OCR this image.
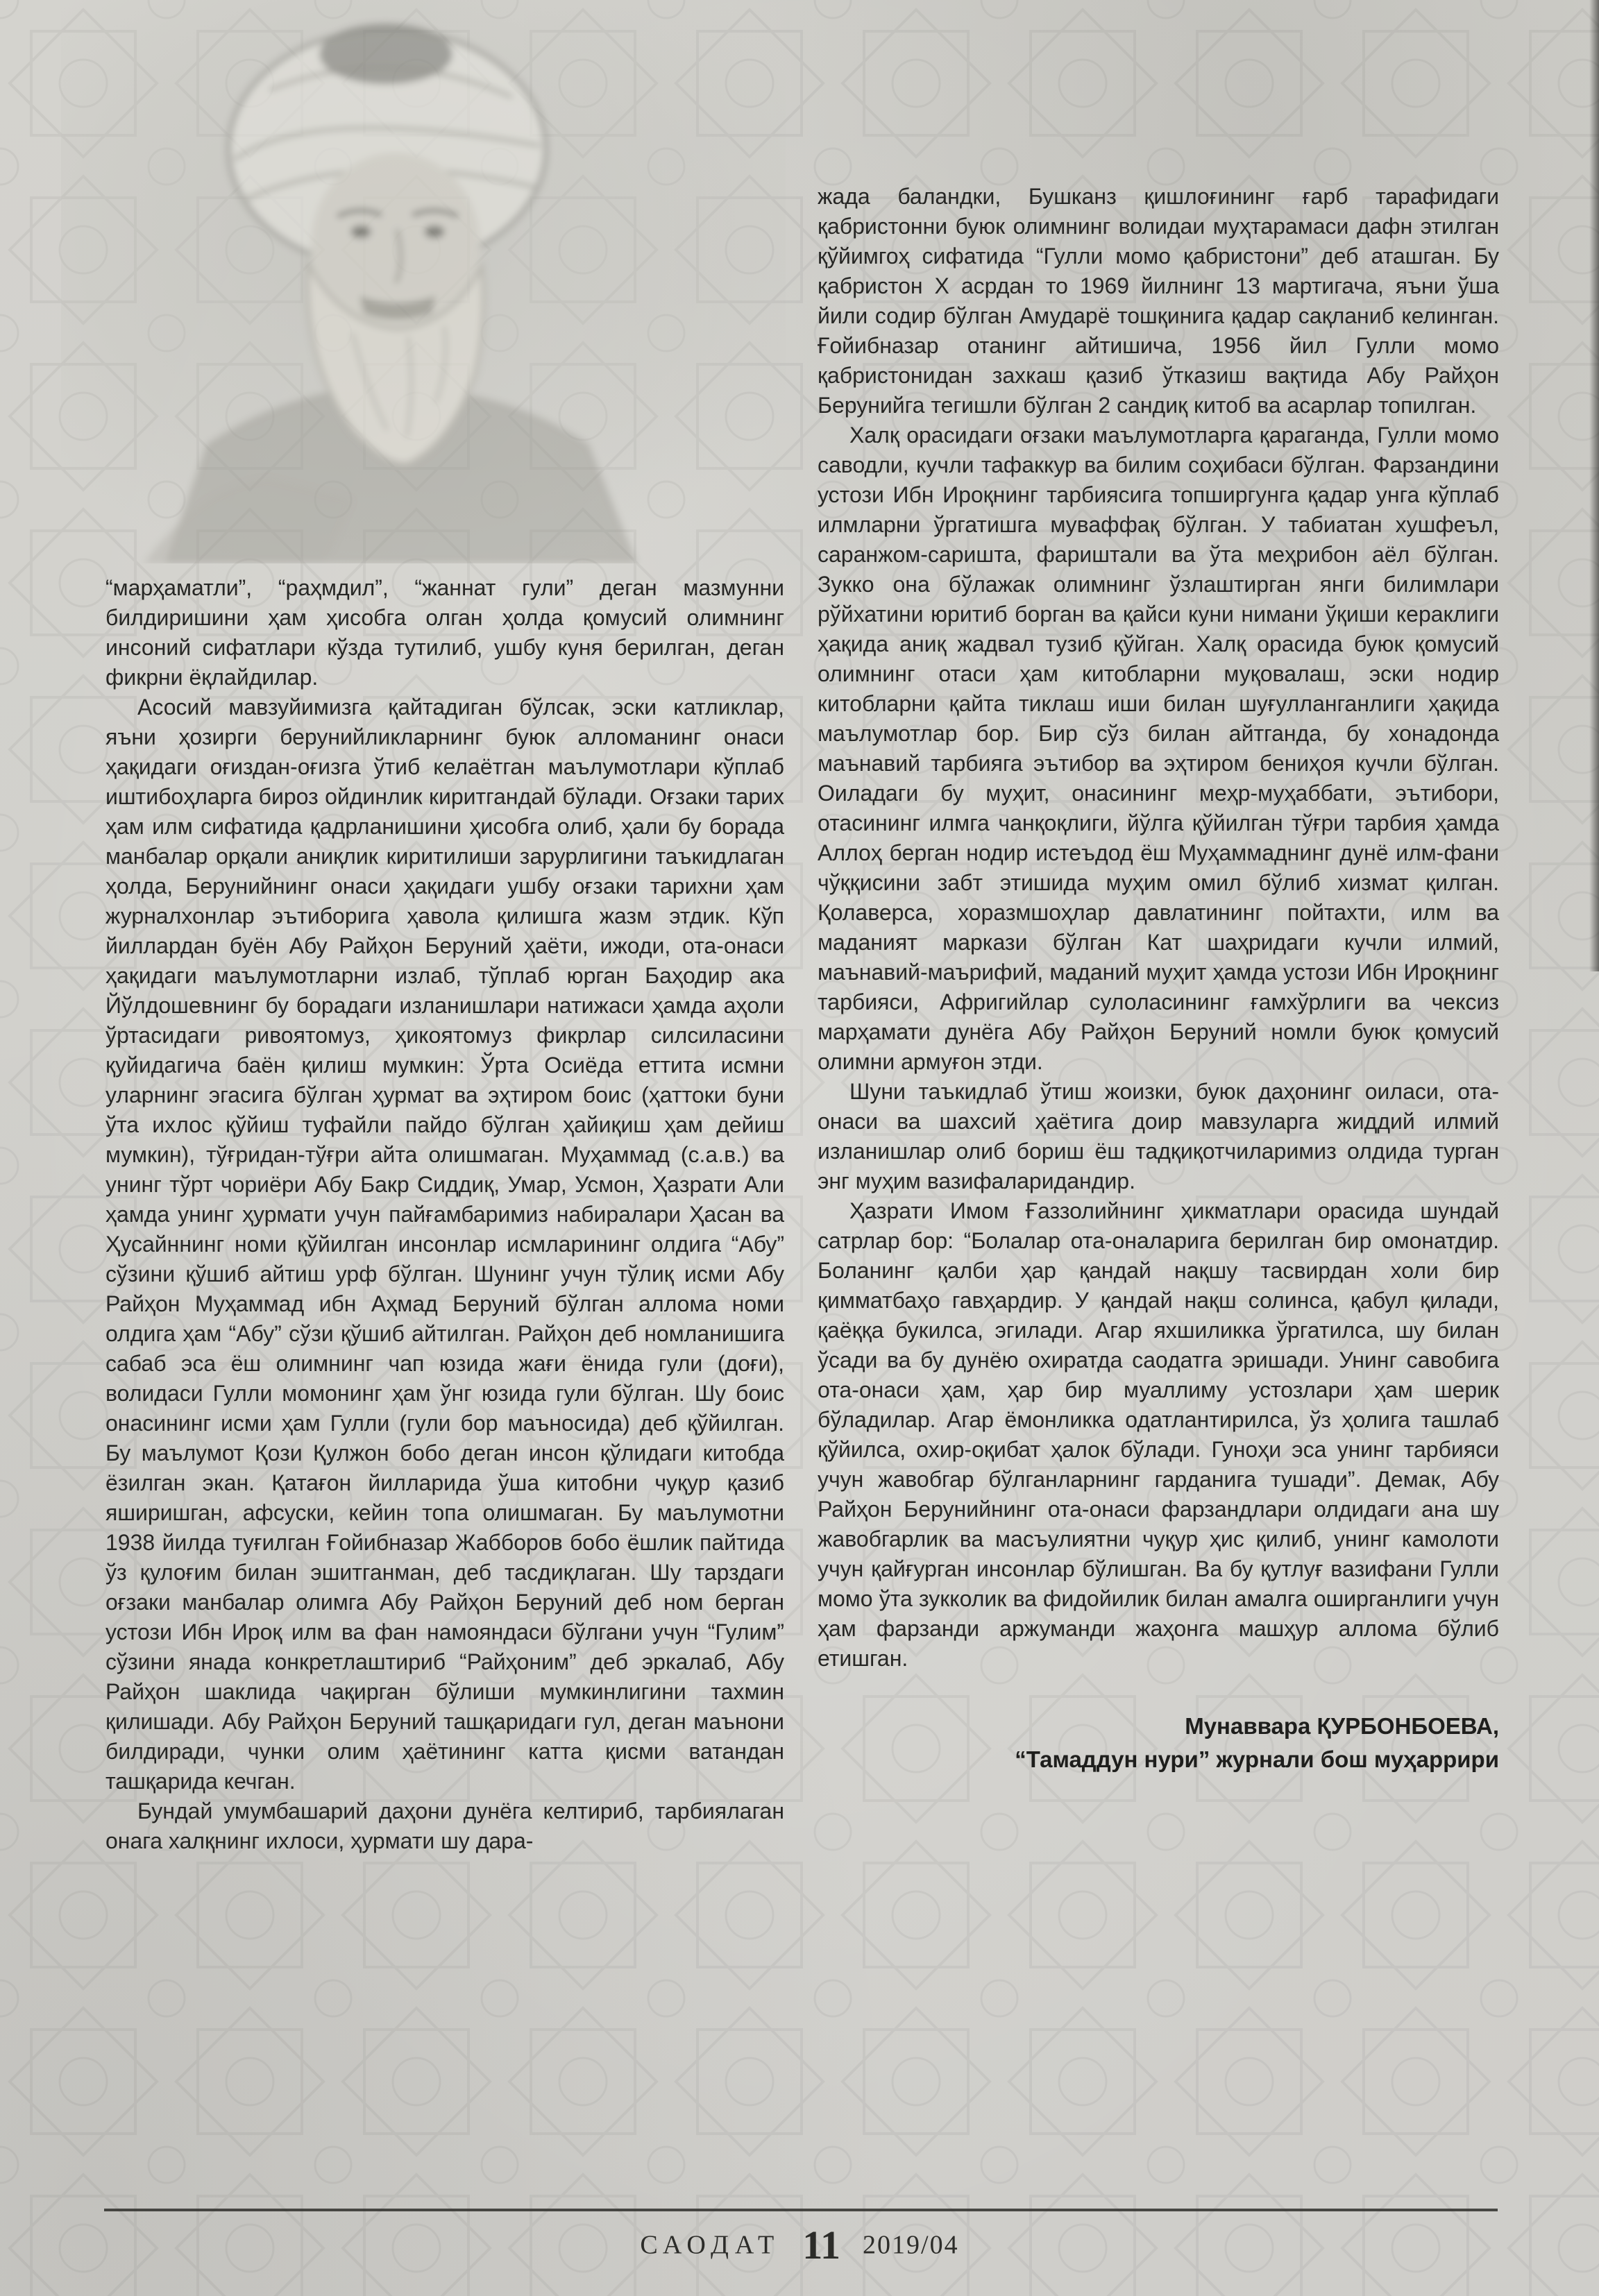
“марҳаматли”, “раҳмдил”, “жаннат гули” деган мазмунни билдиришини ҳам ҳисобга олган ҳолда қомусий олимнинг инсоний сифатлари кўзда тутилиб, ушбу куня берилган, деган фикрни ёқлайдилар.

Асосий мавзуйимизга қайтадиган бўлсак, эски катликлар, яъни ҳозирги берунийликларнинг буюк алломанинг онаси ҳақидаги оғиздан-оғизга ўтиб келаётган маълумотлари кўплаб иштибоҳларга бироз ойдинлик киритгандай бўлади. Оғзаки тарих ҳам илм сифатида қадрланишини ҳисобга олиб, ҳали бу борада манбалар орқали аниқлик киритилиши зарурлигини таъкидлаган ҳолда, Берунийнинг онаси ҳақидаги ушбу оғзаки тарихни ҳам журналхонлар эътиборига ҳавола қилишга жазм этдик. Кўп йиллардан буён Абу Райҳон Беруний ҳаёти, ижоди, ота-онаси ҳақидаги маълумотларни излаб, тўплаб юрган Баҳодир ака Йўлдошевнинг бу борадаги изланишлари натижаси ҳамда аҳоли ўртасидаги ривоятомуз, ҳикоятомуз фикрлар силсиласини қуйидагича баён қилиш мумкин: Ўрта Осиёда еттита исмни уларнинг эгасига бўлган ҳурмат ва эҳтиром боис (ҳаттоки буни ўта ихлос қўйиш туфайли пайдо бўлган ҳайиқиш ҳам дейиш мумкин), тўғридан-тўғри айта олишмаган. Муҳаммад (с.а.в.) ва унинг тўрт чориёри Абу Бакр Сиддиқ, Умар, Усмон, Ҳазрати Али ҳамда унинг ҳурмати учун пайғамбаримиз набиралари Ҳасан ва Ҳусайннинг номи қўйилган инсонлар исмларининг олдига “Абу” сўзини қўшиб айтиш урф бўлган. Шунинг учун тўлиқ исми Абу Райҳон Муҳаммад ибн Аҳмад Беруний бўлган аллома номи олдига ҳам “Абу” сўзи қўшиб айтилган. Райҳон деб номланишига сабаб эса ёш олимнинг чап юзида жағи ёнида гули (доғи), волидаси Гулли момонинг ҳам ўнг юзида гули бўлган. Шу боис онасининг исми ҳам Гулли (гули бор маъносида) деб қўйилган. Бу маълумот Қози Қулжон бобо деган инсон қўлидаги китобда ёзилган экан. Қатағон йилларида ўша китобни чуқур қазиб яширишган, афсуски, кейин топа олишмаган. Бу маълумотни 1938 йилда туғилган Ғойибназар Жабборов бобо ёшлик пайтида ўз қулоғим билан эшитганман, деб тасдиқлаган. Шу тарздаги оғзаки манбалар олимга Абу Райҳон Беруний деб ном берган устози Ибн Ироқ илм ва фан намояндаси бўлгани учун “Гулим” сўзини янада конкретлаштириб “Райҳоним” деб эркалаб, Абу Райҳон шаклида чақирган бўлиши мумкинлигини тахмин қилишади. Абу Райҳон Беруний ташқаридаги гул, деган маънони билдиради, чунки олим ҳаётининг катта қисми ватандан ташқарида кечган.

Бундай умумбашарий даҳони дунёга келтириб, тарбиялаган онага халқнинг ихлоси, ҳурмати шу дара-

жада баландки, Бушканз қишлоғининг ғарб тарафидаги қабристонни буюк олимнинг волидаи муҳтарамаси дафн этилган қўйимгоҳ сифатида “Гулли момо қабристони” деб аташган. Бу қабристон X асрдан то 1969 йилнинг 13 мартигача, яъни ўша йили содир бўлган Амударё тошқинига қадар сақланиб келинган. Ғойибназар отанинг айтишича, 1956 йил Гулли момо қабристонидан захкаш қазиб ўтказиш вақтида Абу Райҳон Берунийга тегишли бўлган 2 сандиқ китоб ва асарлар топилган.

Халқ орасидаги оғзаки маълумотларга қараганда, Гулли момо саводли, кучли тафаккур ва билим соҳибаси бўлган. Фарзандини устози Ибн Ироқнинг тарбиясига топширгунга қадар унга кўплаб илмларни ўргатишга муваффақ бўлган. У табиатан хушфеъл, саранжом-саришта, фариштали ва ўта меҳрибон аёл бўлган. Зукко она бўлажак олимнинг ўзлаштирган янги билимлари рўйхатини юритиб борган ва қайси куни нимани ўқиши кераклиги ҳақида аниқ жадвал тузиб қўйган. Халқ орасида буюк қомусий олимнинг отаси ҳам китобларни муқовалаш, эски нодир китобларни қайта тиклаш иши билан шуғулланганлиги ҳақида маълумотлар бор. Бир сўз билан айтганда, бу хонадонда маънавий тарбияга эътибор ва эҳтиром бениҳоя кучли бўлган. Оиладаги бу муҳит, онасининг меҳр-муҳаббати, эътибори, отасининг илмга чанқоқлиги, йўлга қўйилган тўғри тарбия ҳамда Аллоҳ берган нодир истеъдод ёш Муҳаммаднинг дунё илм-фани чўққисини забт этишида муҳим омил бўлиб хизмат қилган. Қолаверса, хоразмшоҳлар давлатининг пойтахти, илм ва маданият маркази бўлган Кат шаҳридаги кучли илмий, маънавий-маърифий, маданий муҳит ҳамда устози Ибн Ироқнинг тарбияси, Афригийлар сулоласининг ғамхўрлиги ва чексиз марҳамати дунёга Абу Райҳон Беруний номли буюк қомусий олимни армуғон этди.

Шуни таъкидлаб ўтиш жоизки, буюк даҳонинг оиласи, ота-онаси ва шахсий ҳаётига доир мавзуларга жиддий илмий изланишлар олиб бориш ёш тадқиқотчиларимиз олдида турган энг муҳим вазифаларидандир.

Ҳазрати Имом Ғаззолийнинг ҳикматлари орасида шундай сатрлар бор: “Болалар ота-оналарига берилган бир омонатдир. Боланинг қалби ҳар қандай нақшу тасвирдан холи бир қимматбаҳо гавҳардир. У қандай нақш солинса, қабул қилади, қаёққа букилса, эгилади. Агар яхшиликка ўргатилса, шу билан ўсади ва бу дунёю охиратда саодатга эришади. Унинг савобига ота-онаси ҳам, ҳар бир муаллиму устозлари ҳам шерик бўладилар. Агар ёмонликка одатлантирилса, ўз ҳолига ташлаб қўйилса, охир-оқибат ҳалок бўлади. Гуноҳи эса унинг тарбияси учун жавобгар бўлганларнинг гарданига тушади”. Демак, Абу Райҳон Берунийнинг ота-онаси фарзандлари олдидаги ана шу жавобгарлик ва масъулиятни чуқур ҳис қилиб, унинг камолоти учун қайғурган инсонлар бўлишган. Ва бу қутлуғ вазифани Гулли момо ўта зукколик ва фидойилик билан амалга оширганлиги учун ҳам фарзанди аржуманди жаҳонга машҳур аллома бўлиб етишган.

Мунаввара ҚУРБОНБОЕВА,
“Тамаддун нури” журнали бош муҳаррири

САОДАТ 11 2019/04
